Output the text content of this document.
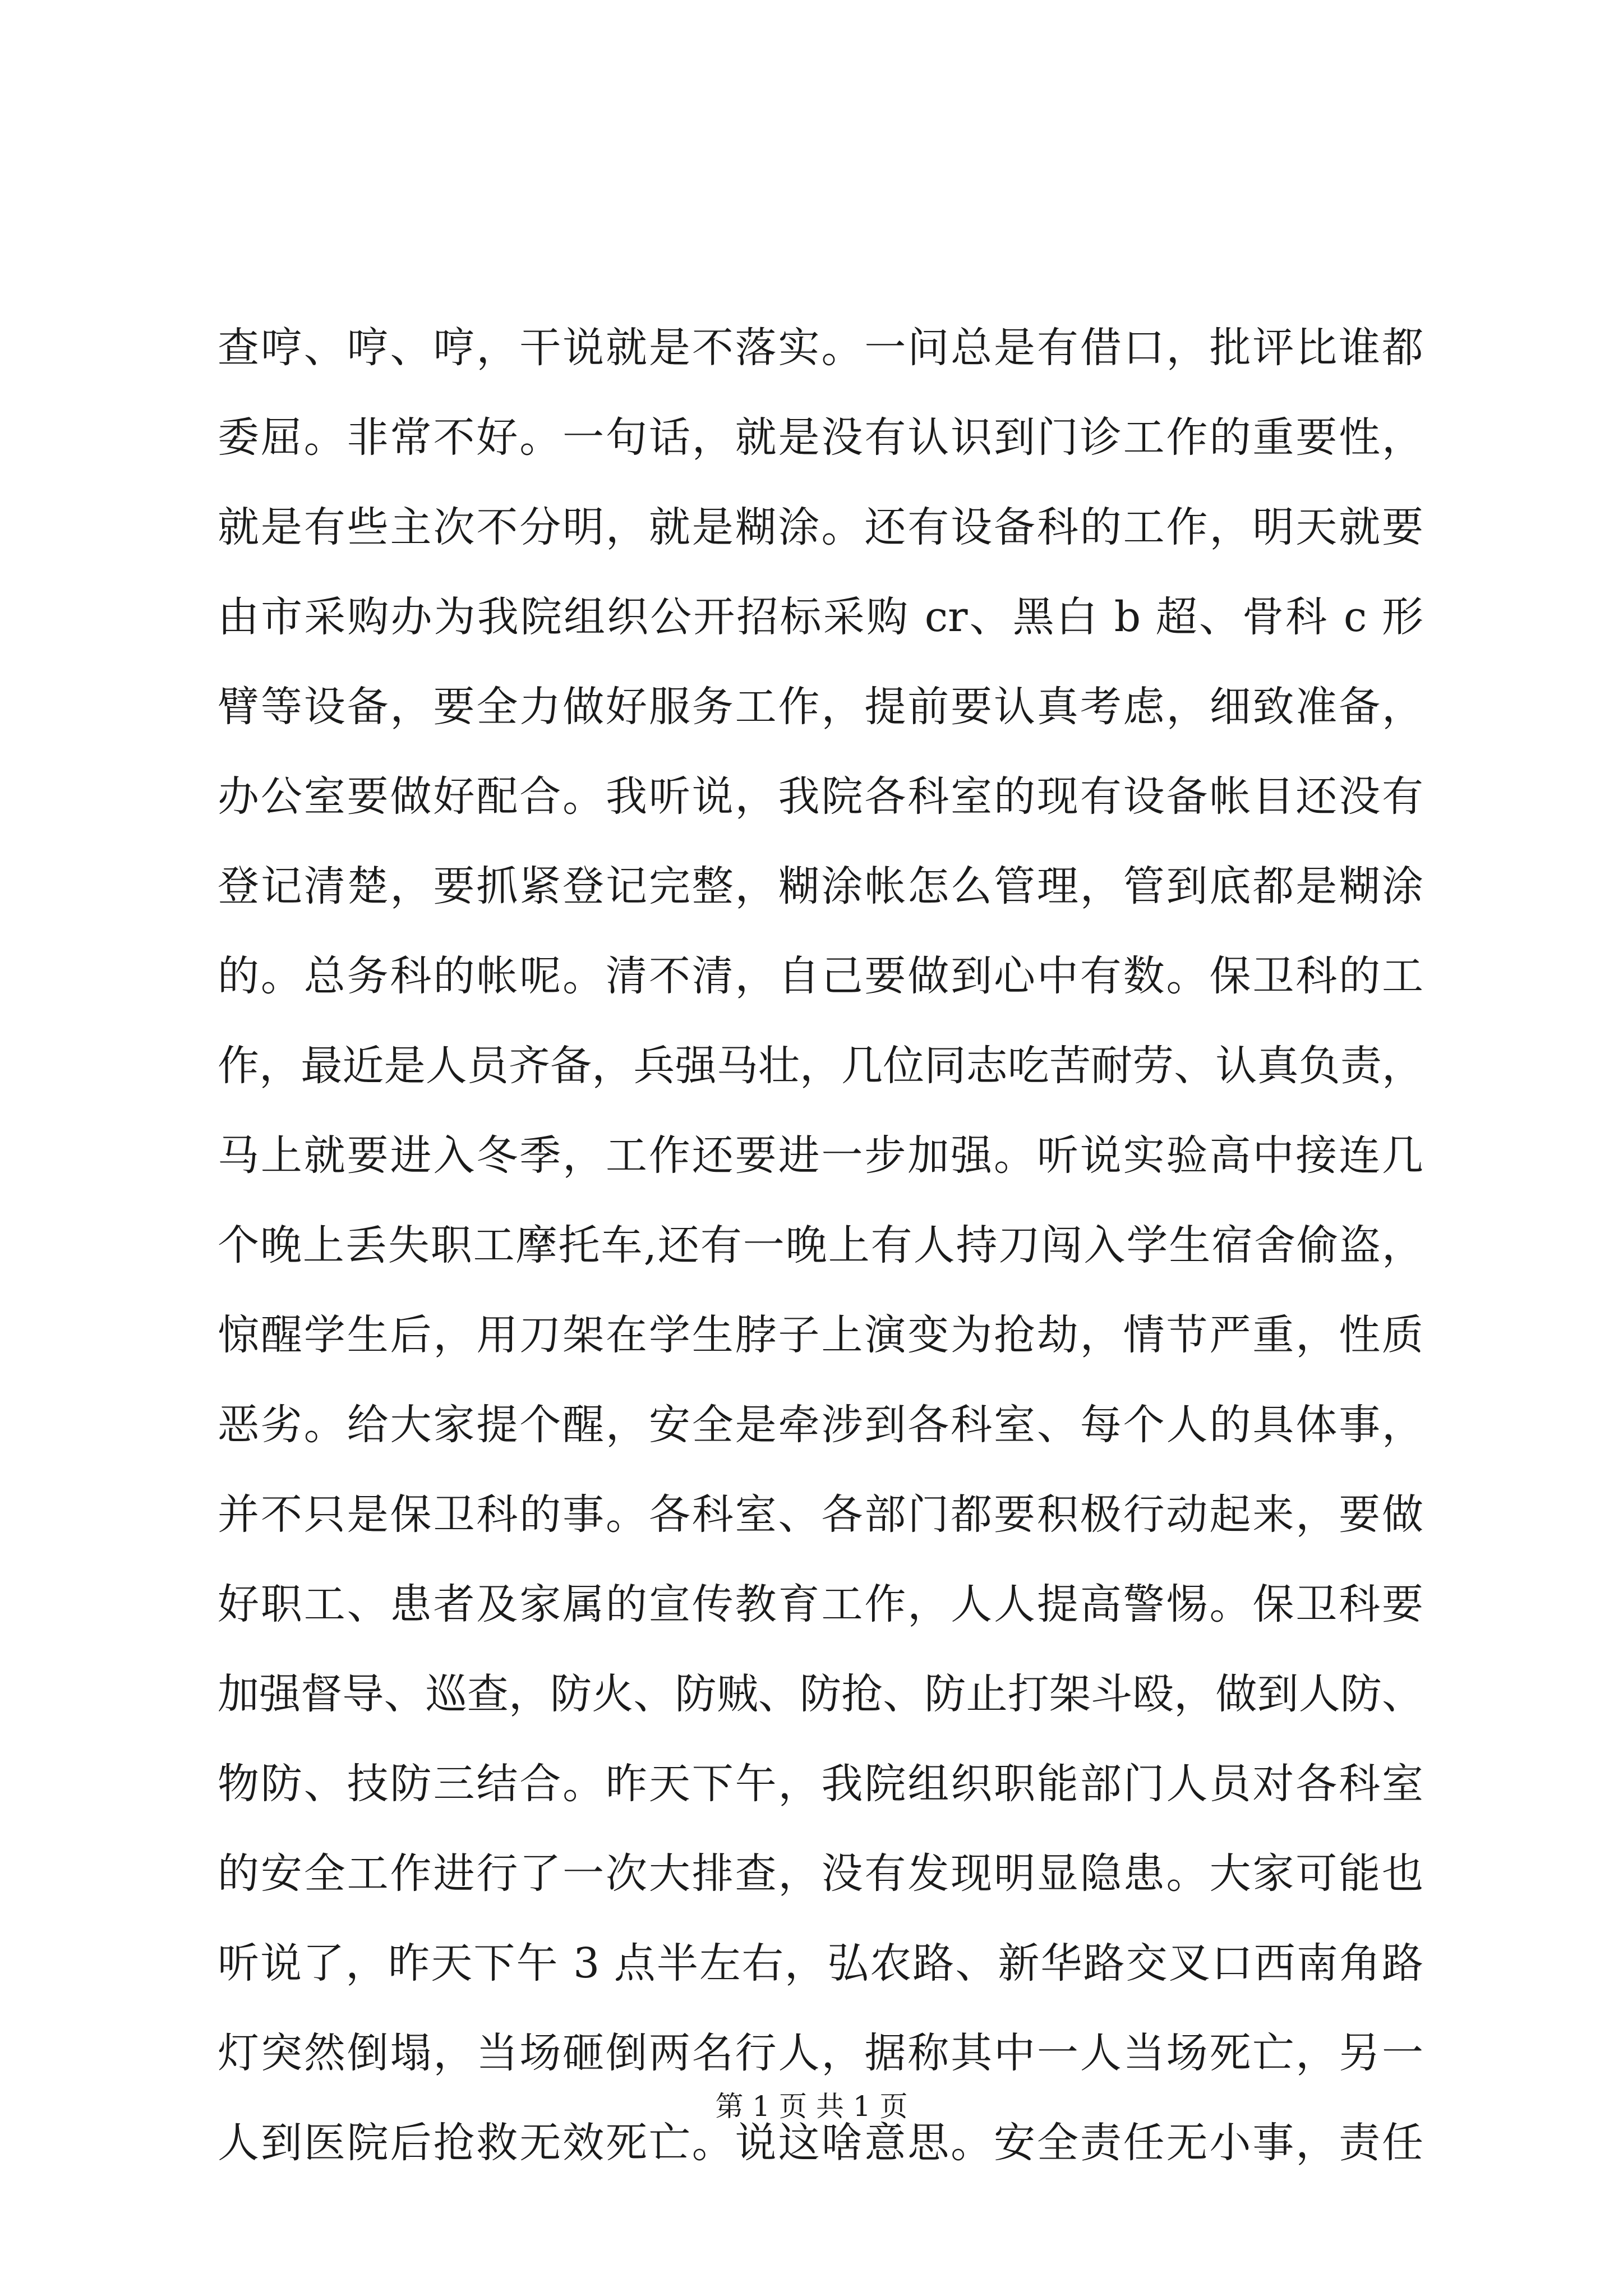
查哼、哼、哼，干说就是不落实。一问总是有借口，批评比谁都
委屈。非常不好。一句话，就是没有认识到门诊工作的重要性，
就是有些主次不分明，就是糊涂。还有设备科的工作，明天就要
由市采购办为我院组织公开招标采购 cr、黑白 b 超、骨科 c 形
臂等设备，要全力做好服务工作，提前要认真考虑，细致准备，
办公室要做好配合。我听说，我院各科室的现有设备帐目还没有
登记清楚，要抓紧登记完整，糊涂帐怎么管理，管到底都是糊涂
的。总务科的帐呢。清不清，自己要做到心中有数。保卫科的工
作，最近是人员齐备，兵强马壮，几位同志吃苦耐劳、认真负责，
马上就要进入冬季，工作还要进一步加强。听说实验高中接连几
个晚上丢失职工摩托车,还有一晚上有人持刀闯入学生宿舍偷盗，
惊醒学生后，用刀架在学生脖子上演变为抢劫，情节严重，性质
恶劣。给大家提个醒，安全是牵涉到各科室、每个人的具体事，
并不只是保卫科的事。各科室、各部门都要积极行动起来，要做
好职工、患者及家属的宣传教育工作，人人提高警惕。保卫科要
加强督导、巡查，防火、防贼、防抢、防止打架斗殴，做到人防、
物防、技防三结合。昨天下午，我院组织职能部门人员对各科室
的安全工作进行了一次大排查，没有发现明显隐患。大家可能也
听说了，昨天下午 3 点半左右，弘农路、新华路交叉口西南角路
灯突然倒塌，当场砸倒两名行人，据称其中一人当场死亡，另一
人到医院后抢救无效死亡。说这啥意思。安全责任无小事，责任
第 1 页 共 1 页
